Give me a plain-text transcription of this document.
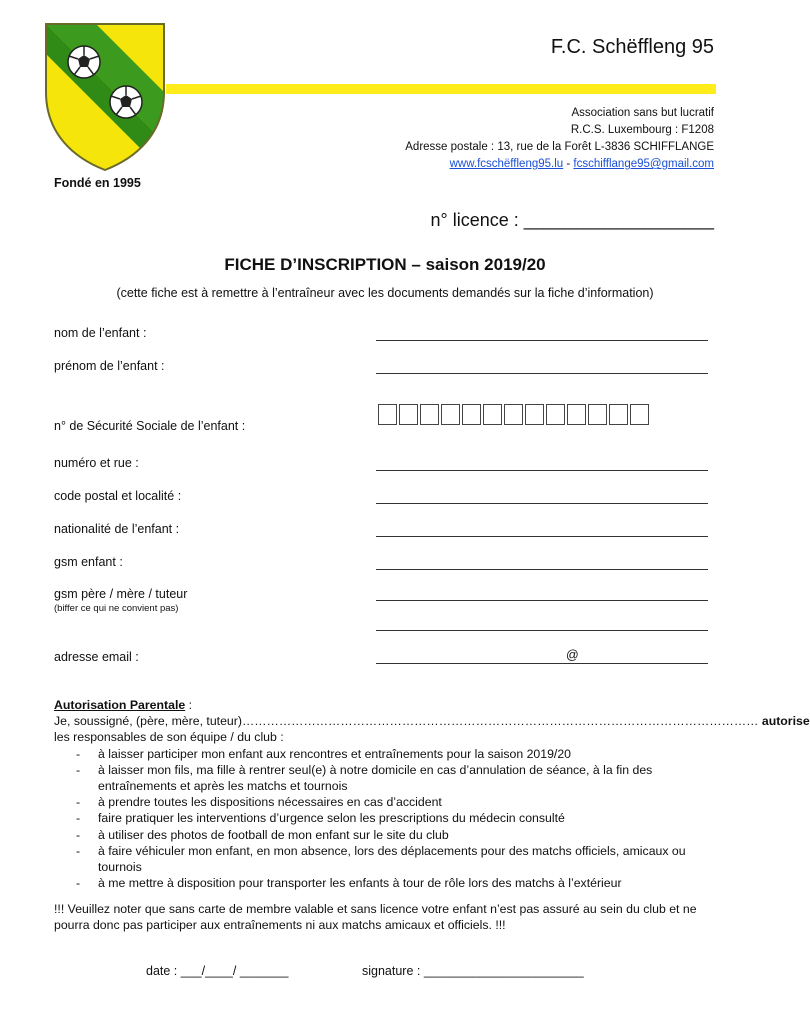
F.C. Schëffleng 95
Association sans but lucratif
R.C.S. Luxembourg : F1208
Adresse postale : 13, rue de la Forêt L-3836 SCHIFFLANGE
www.fcschëffleng95.lu - fcschifflange95@gmail.com
Fondé en 1995
n° licence : ___________________
FICHE D’INSCRIPTION – saison 2019/20
(cette fiche est à remettre à l’entraîneur avec les documents demandés sur la fiche d’information)
nom de l’enfant :
prénom de l’enfant :
n° de Sécurité Sociale de l’enfant :
numéro et rue :
code postal et localité :
nationalité de l’enfant :
gsm enfant :
gsm père / mère / tuteur
(biffer ce qui ne convient pas)
adresse email :	@
Autorisation Parentale :
Je, soussigné, (père, mère, tuteur)……………………………………………………………………………………………………………… autorise
les responsables de son équipe / du club :
- à laisser participer mon enfant aux rencontres et entraînements pour la saison 2019/20
- à laisser mon fils, ma fille à rentrer seul(e) à notre domicile en cas d’annulation de séance, à la fin des entraînements et après les matchs et tournois
- à prendre toutes les dispositions nécessaires en cas d’accident
- faire pratiquer les interventions d’urgence selon les prescriptions du médecin consulté
- à utiliser des photos de football de mon enfant sur le site du club
- à faire véhiculer mon enfant, en mon absence, lors des déplacements pour des matchs officiels, amicaux ou tournois
- à me mettre à disposition pour transporter les enfants à tour de rôle lors des matchs à l’extérieur
!!! Veuillez noter que sans carte de membre valable et sans licence votre enfant n’est pas assuré au sein du club et ne pourra donc pas participer aux entraînements ni aux matchs amicaux et officiels. !!!
date : ___/____/ _______	signature : _______________________
